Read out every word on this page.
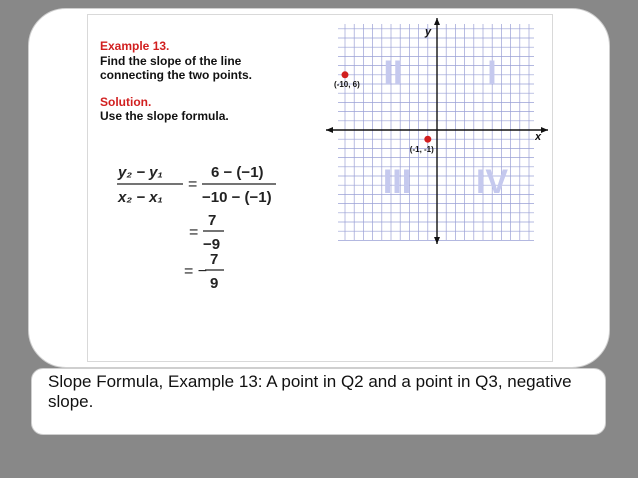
Example 13.
Find the slope of the line
connecting the two points.
Solution.
Use the slope formula.
y₂ − y₁
x₂ − x₁
=
6 − (−1)
−10 − (−1)
=
7
−9
= −
7
9
II I
III IV
x
y
(-10, 6)
(-1, -1)
Slope Formula, Example 13: A point in Q2 and a point in Q3, negative slope.
